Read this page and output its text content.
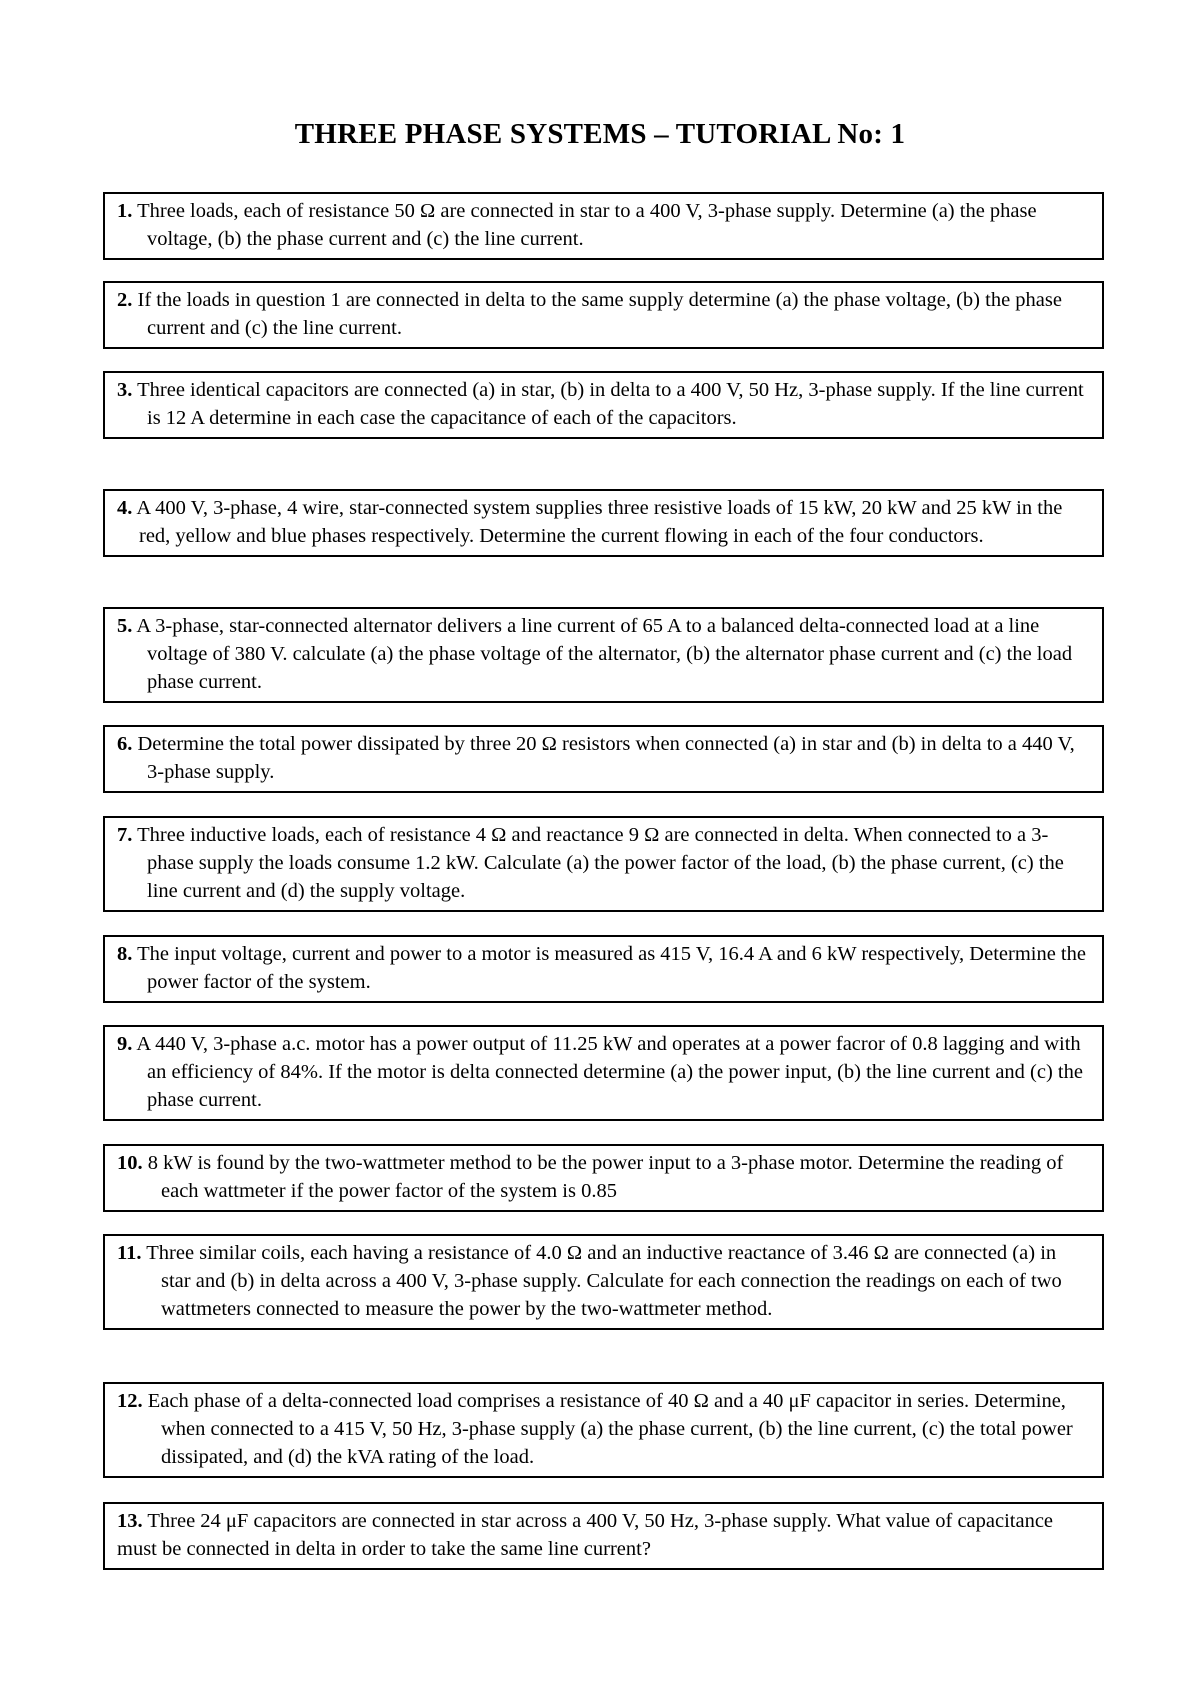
THREE PHASE SYSTEMS – TUTORIAL No: 1
1. Three loads, each of resistance 50 Ω are connected in star to a 400 V, 3-phase supply. Determine (a) the phase voltage, (b) the phase current and (c) the line current.
2. If the loads in question 1 are connected in delta to the same supply determine (a) the phase voltage, (b) the phase current and (c) the line current.
3. Three identical capacitors are connected (a) in star, (b) in delta to a 400 V, 50 Hz, 3-phase supply. If the line current is 12 A determine in each case the capacitance of each of the capacitors.
4. A 400 V, 3-phase, 4 wire, star-connected system supplies three resistive loads of 15 kW, 20 kW and 25 kW in the red, yellow and blue phases respectively. Determine the current flowing in each of the four conductors.
5. A 3-phase, star-connected alternator delivers a line current of 65 A to a balanced delta-connected load at a line voltage of 380 V. calculate (a) the phase voltage of the alternator, (b) the alternator phase current and (c) the load phase current.
6. Determine the total power dissipated by three 20 Ω resistors when connected (a) in star and (b) in delta to a 440 V, 3-phase supply.
7. Three inductive loads, each of resistance 4 Ω and reactance 9 Ω are connected in delta. When connected to a 3-phase supply the loads consume 1.2 kW. Calculate (a) the power factor of the load, (b) the phase current, (c) the line current and (d) the supply voltage.
8. The input voltage, current and power to a motor is measured as 415 V, 16.4 A and 6 kW respectively, Determine the power factor of the system.
9. A 440 V, 3-phase a.c. motor has a power output of 11.25 kW and operates at a power facror of 0.8 lagging and with an efficiency of 84%. If the motor is delta connected determine (a) the power input, (b) the line current and (c) the phase current.
10. 8 kW is found by the two-wattmeter method to be the power input to a 3-phase motor. Determine the reading of each wattmeter if the power factor of the system is 0.85
11. Three similar coils, each having a resistance of 4.0 Ω and an inductive reactance of 3.46 Ω are connected (a) in star and (b) in delta across a 400 V, 3-phase supply. Calculate for each connection the readings on each of two wattmeters connected to measure the power by the two-wattmeter method.
12. Each phase of a delta-connected load comprises a resistance of 40 Ω and a 40 μF capacitor in series. Determine, when connected to a 415 V, 50 Hz, 3-phase supply (a) the phase current, (b) the line current, (c) the total power dissipated, and (d) the kVA rating of the load.
13. Three 24 μF capacitors are connected in star across a 400 V, 50 Hz, 3-phase supply. What value of capacitance must be connected in delta in order to take the same line current?
